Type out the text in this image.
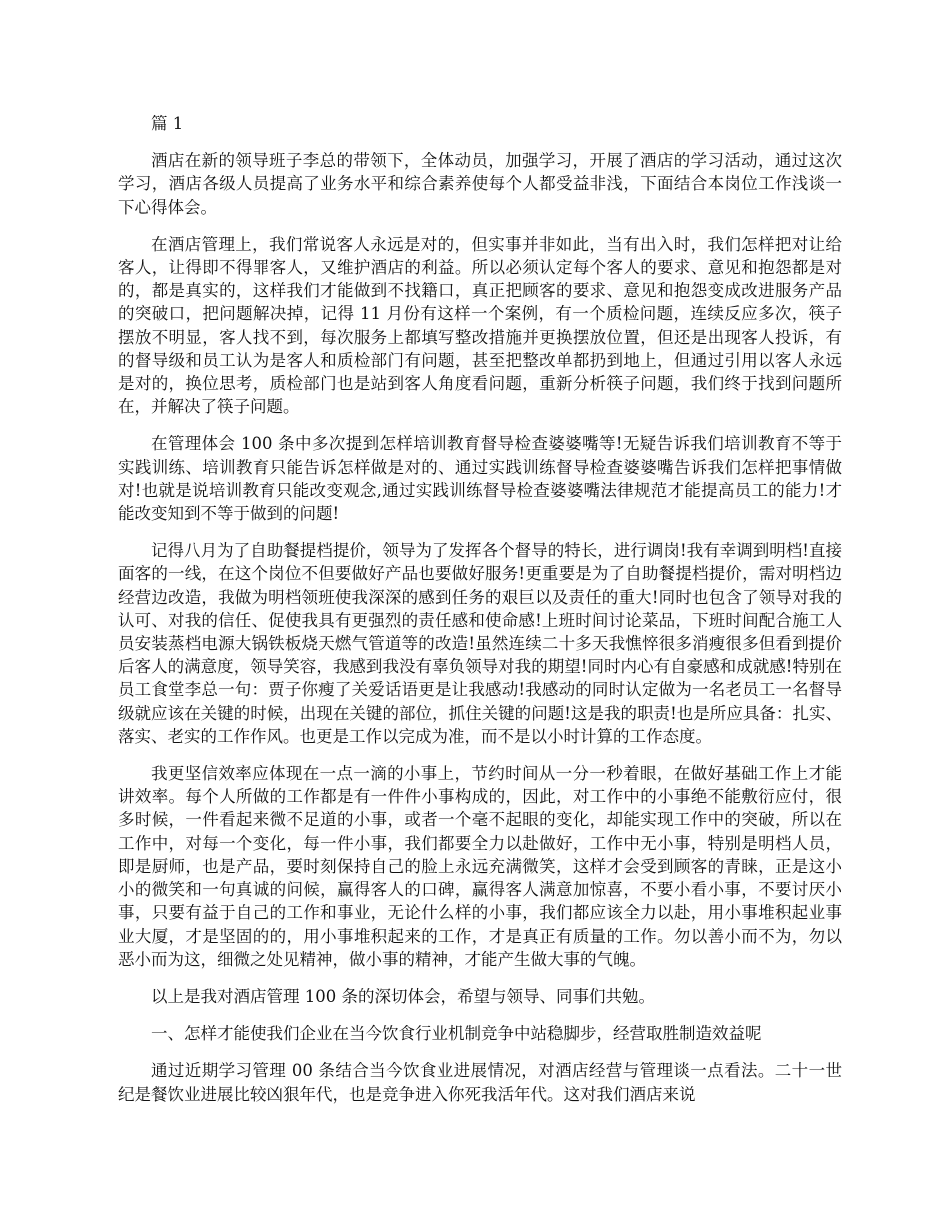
篇 1

酒店在新的领导班子李总的带领下，全体动员，加强学习，开展了酒店的学习活动，通过这次学习，酒店各级人员提高了业务水平和综合素养使每个人都受益非浅，下面结合本岗位工作浅谈一下心得体会。

在酒店管理上，我们常说客人永远是对的，但实事并非如此，当有出入时，我们怎样把对让给客人，让得即不得罪客人，又维护酒店的利益。所以必须认定每个客人的要求、意见和抱怨都是对的，都是真实的，这样我们才能做到不找籍口，真正把顾客的要求、意见和抱怨变成改进服务产品的突破口，把问题解决掉，记得 11 月份有这样一个案例，有一个质检问题，连续反应多次，筷子摆放不明显，客人找不到，每次服务上都填写整改措施并更换摆放位置，但还是出现客人投诉，有的督导级和员工认为是客人和质检部门有问题，甚至把整改单都扔到地上，但通过引用以客人永远是对的，换位思考，质检部门也是站到客人角度看问题，重新分析筷子问题，我们终于找到问题所在，并解决了筷子问题。

在管理体会 100 条中多次提到怎样培训教育督导检查婆婆嘴等!无疑告诉我们培训教育不等于实践训练、培训教育只能告诉怎样做是对的、通过实践训练督导检查婆婆嘴告诉我们怎样把事情做对!也就是说培训教育只能改变观念,通过实践训练督导检查婆婆嘴法律规范才能提高员工的能力!才能改变知到不等于做到的问题!

记得八月为了自助餐提档提价，领导为了发挥各个督导的特长，进行调岗!我有幸调到明档!直接面客的一线，在这个岗位不但要做好产品也要做好服务!更重要是为了自助餐提档提价，需对明档边经营边改造，我做为明档领班使我深深的感到任务的艰巨以及责任的重大!同时也包含了领导对我的认可、对我的信任、促使我具有更强烈的责任感和使命感!上班时间讨论菜品，下班时间配合施工人员安装蒸档电源大锅铁板烧天燃气管道等的改造!虽然连续二十多天我憔悴很多消瘦很多但看到提价后客人的满意度，领导笑容，我感到我没有辜负领导对我的期望!同时内心有自豪感和成就感!特别在员工食堂李总一句：贾子你瘦了关爱话语更是让我感动!我感动的同时认定做为一名老员工一名督导级就应该在关键的时候，出现在关键的部位，抓住关键的问题!这是我的职责!也是所应具备：扎实、落实、老实的工作作风。也更是工作以完成为准，而不是以小时计算的工作态度。

我更坚信效率应体现在一点一滴的小事上，节约时间从一分一秒着眼，在做好基础工作上才能讲效率。每个人所做的工作都是有一件件小事构成的，因此，对工作中的小事绝不能敷衍应付，很多时候，一件看起来微不足道的小事，或者一个毫不起眼的变化，却能实现工作中的突破，所以在工作中，对每一个变化，每一件小事，我们都要全力以赴做好，工作中无小事，特别是明档人员，即是厨师，也是产品，要时刻保持自己的脸上永远充满微笑，这样才会受到顾客的青睐，正是这小小的微笑和一句真诚的问候，赢得客人的口碑，赢得客人满意加惊喜，不要小看小事，不要讨厌小事，只要有益于自己的工作和事业，无论什么样的小事，我们都应该全力以赴，用小事堆积起业事业大厦，才是坚固的的，用小事堆积起来的工作，才是真正有质量的工作。勿以善小而不为，勿以恶小而为这，细微之处见精神，做小事的精神，才能产生做大事的气魄。

以上是我对酒店管理 100 条的深切体会，希望与领导、同事们共勉。

一、怎样才能使我们企业在当今饮食行业机制竞争中站稳脚步，经营取胜制造效益呢

通过近期学习管理 00 条结合当今饮食业进展情况，对酒店经营与管理谈一点看法。二十一世纪是餐饮业进展比较凶狠年代，也是竞争进入你死我活年代。这对我们酒店来说
